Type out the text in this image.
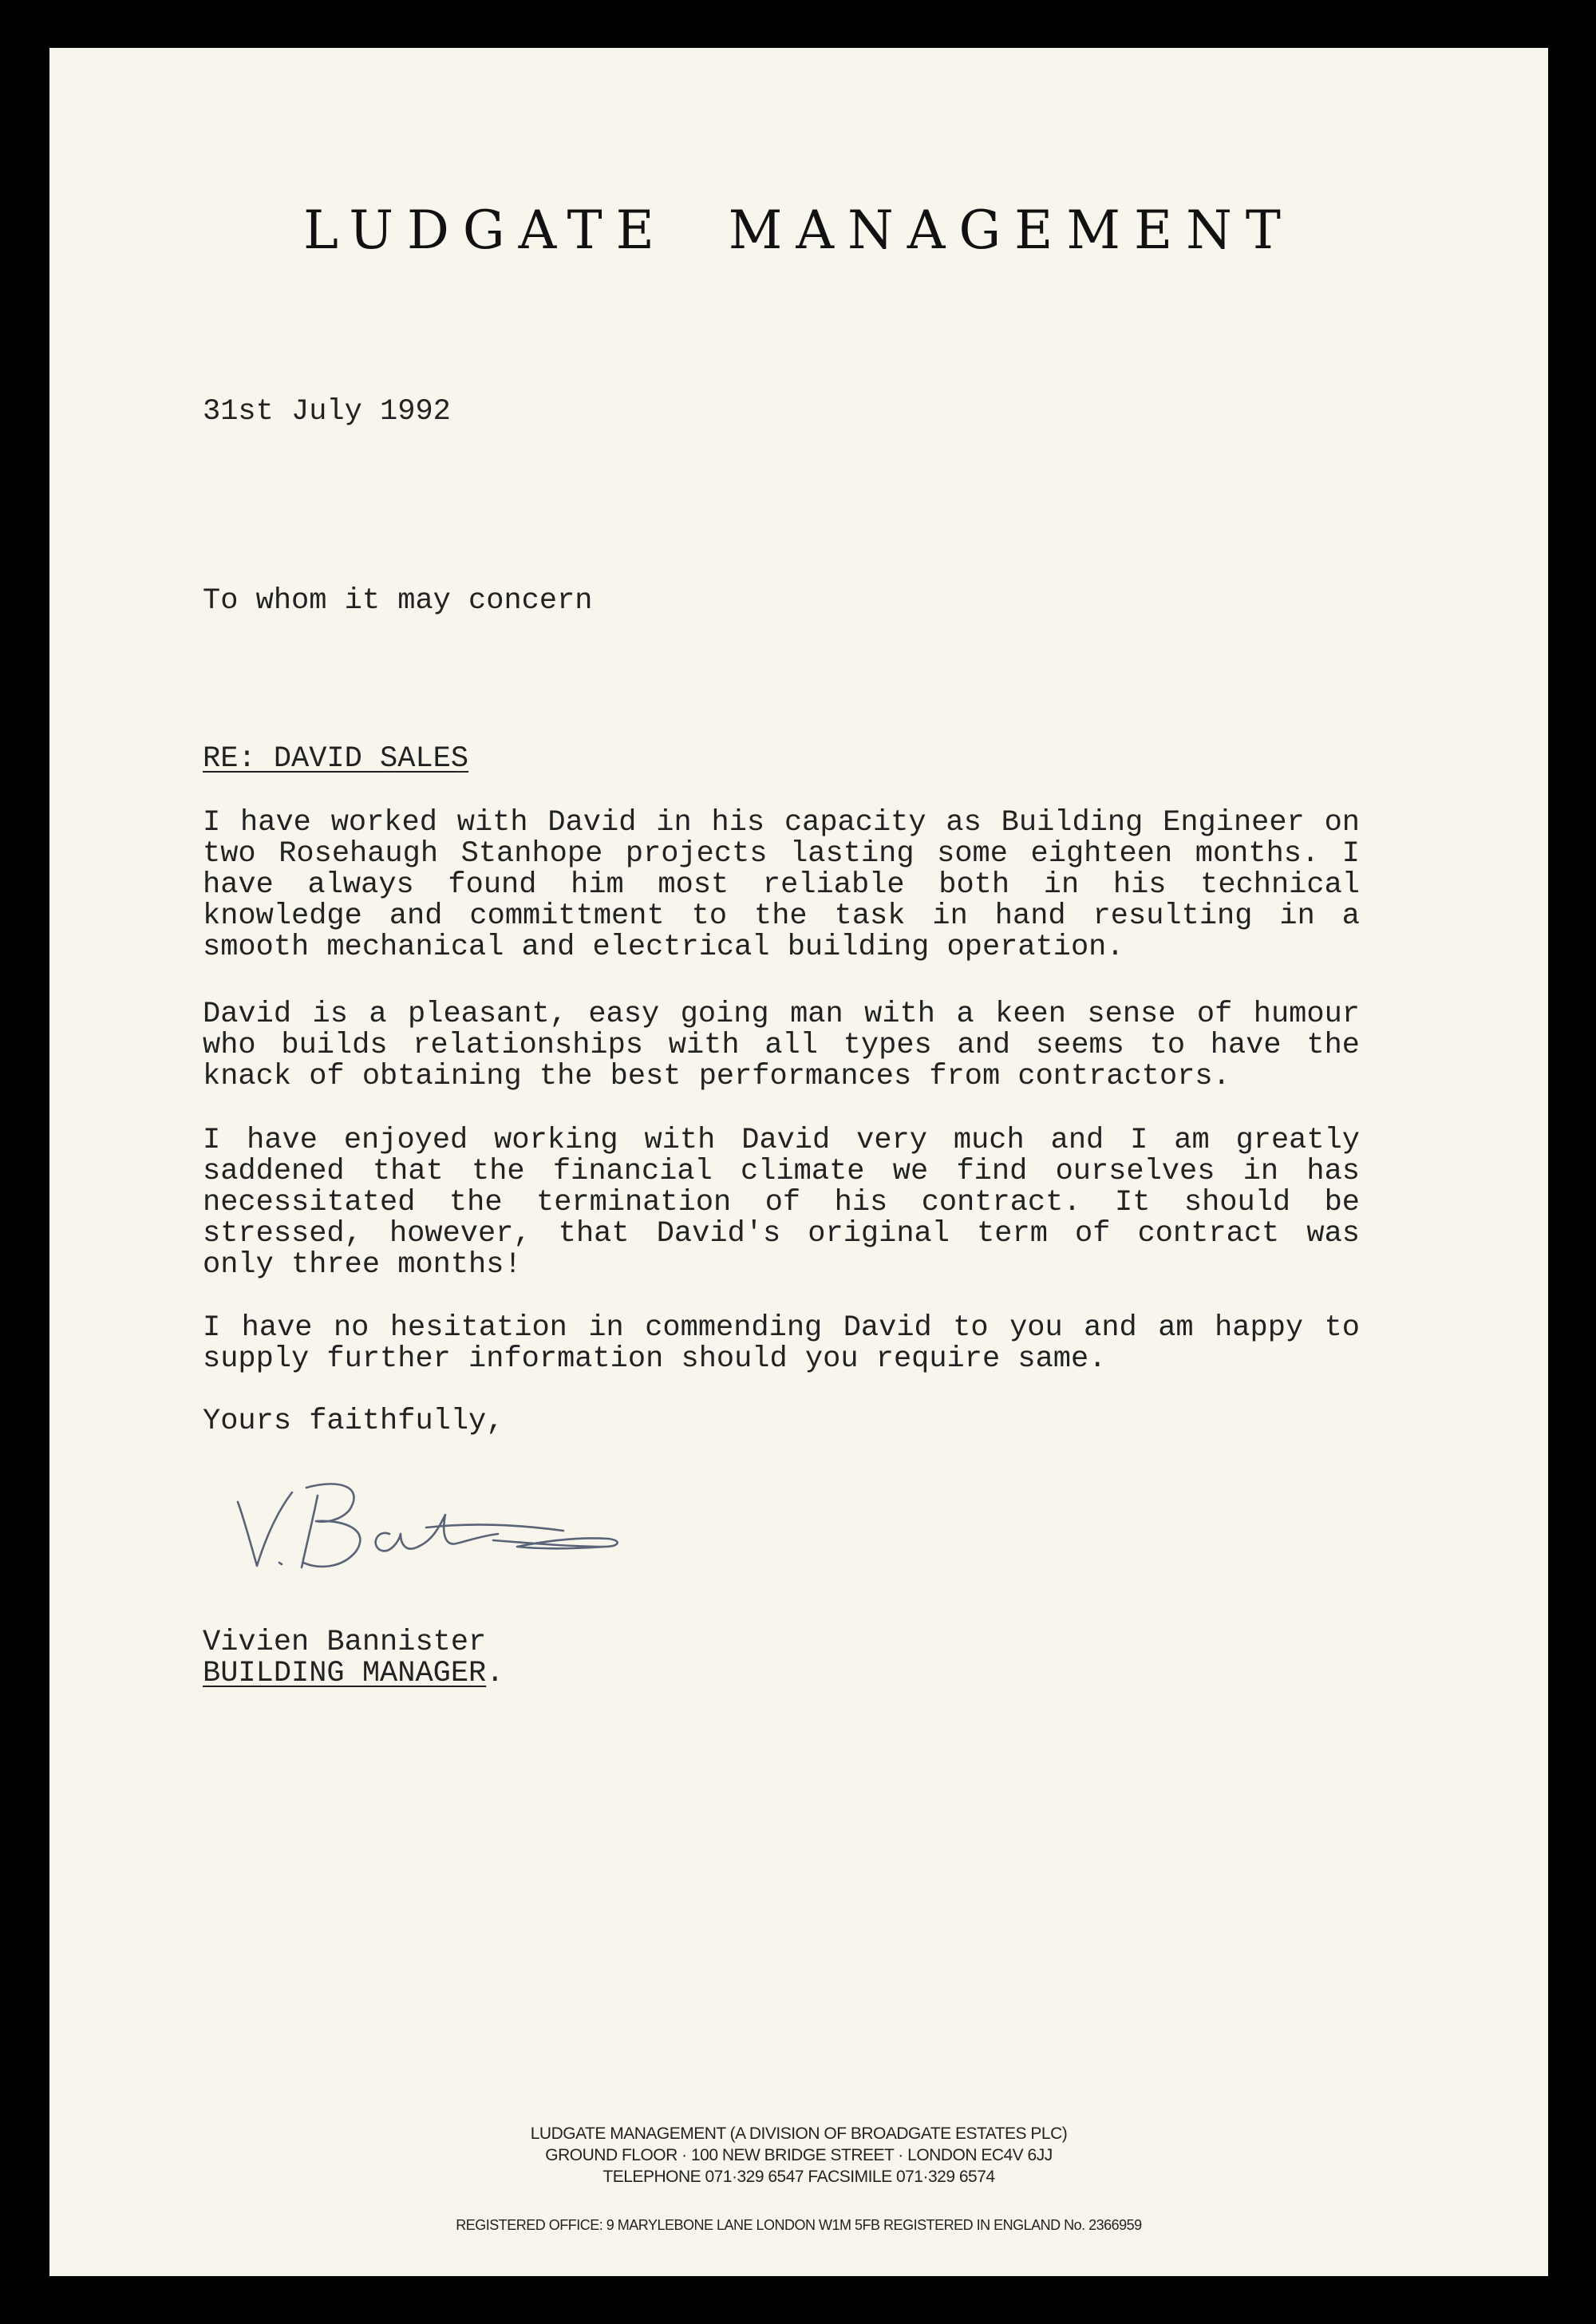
LUDGATE  MANAGEMENT
31st July 1992
To whom it may concern
RE: DAVID SALES
I have worked with David in his capacity as Building Engineer on two Rosehaugh Stanhope projects lasting some eighteen months. I have always found him most reliable both in his technical knowledge and committment to the task in hand resulting in a smooth mechanical and electrical building operation.
David is a pleasant, easy going man with a keen sense of humour who builds relationships with all types and seems to have the knack of obtaining the best performances from contractors.
I have enjoyed working with David very much and I am greatly saddened that the financial climate we find ourselves in has necessitated the termination of his contract. It should be stressed, however, that David's original term of contract was only three months!
I have no hesitation in commending David to you and am happy to supply further information should you require same.
Yours faithfully,
Vivien Bannister
BUILDING MANAGER.
LUDGATE MANAGEMENT (A DIVISION OF BROADGATE ESTATES PLC)
GROUND FLOOR · 100 NEW BRIDGE STREET · LONDON EC4V 6JJ
TELEPHONE 071·329 6547 FACSIMILE 071·329 6574
REGISTERED OFFICE: 9 MARYLEBONE LANE LONDON W1M 5FB REGISTERED IN ENGLAND No. 2366959
